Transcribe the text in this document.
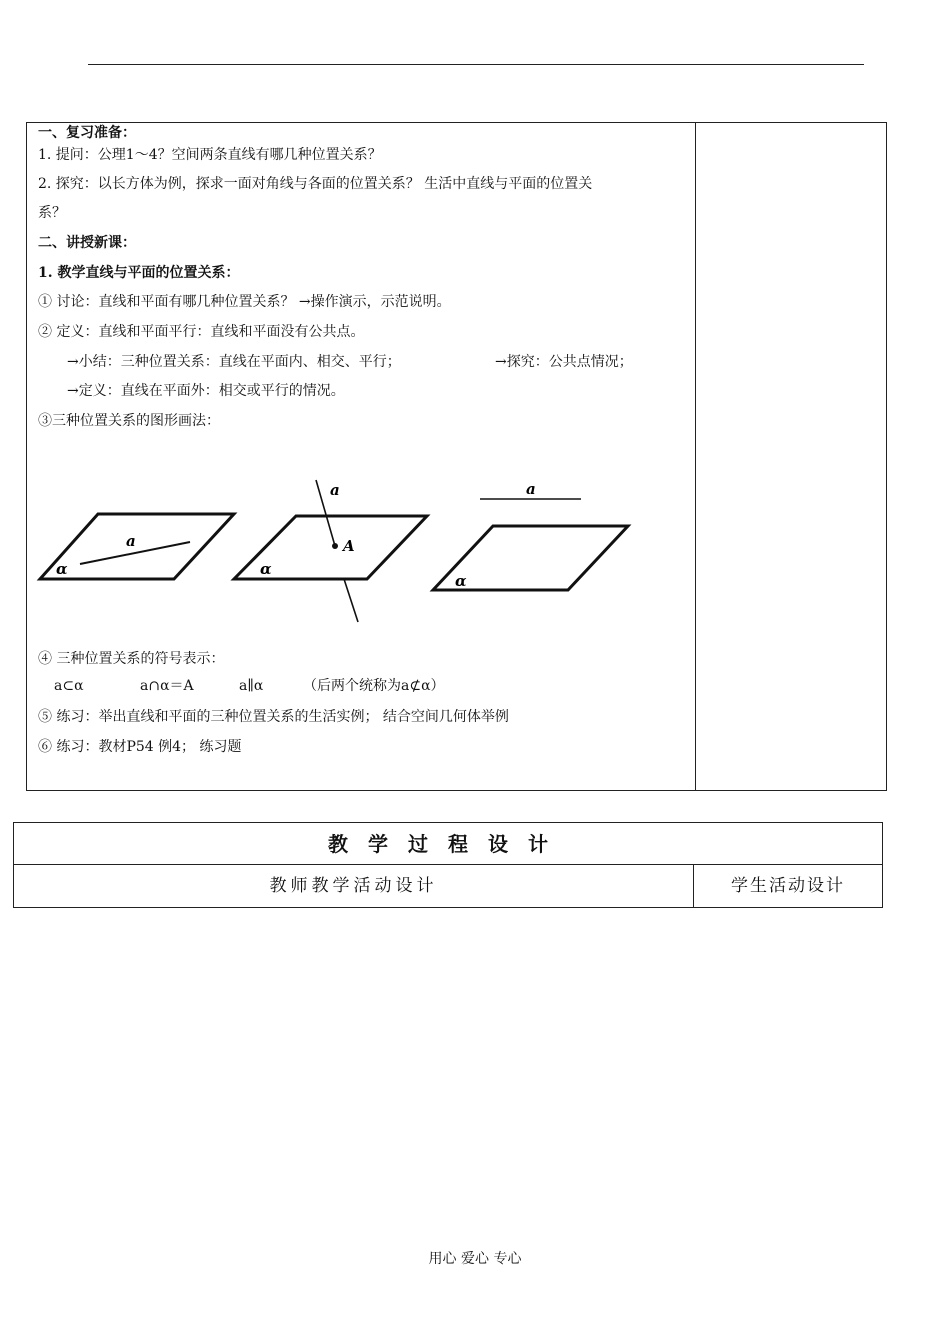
一、复习准备：
1. 提问：公理1～4？空间两条直线有哪几种位置关系？
2. 探究：以长方体为例，探求一面对角线与各面的位置关系？ 生活中直线与平面的位置关
系？
二、讲授新课：
1. 教学直线与平面的位置关系：
① 讨论：直线和平面有哪几种位置关系？ →操作演示，示范说明。
② 定义：直线和平面平行：直线和平面没有公共点。
→小结：三种位置关系：直线在平面内、相交、平行；	→探究：公共点情况；
→定义：直线在平面外：相交或平行的情况。
③三种位置关系的图形画法：
④ 三种位置关系的符号表示：
a⊂α	a∩α＝A	a∥α	（后两个统称为a⊄α）
⑤ 练习：举出直线和平面的三种位置关系的生活实例； 结合空间几何体举例
⑥ 练习：教材P54 例4； 练习题
a
α
a
A
α
a
α
教学过程设计
教师教学活动设计	学生活动设计
用心 爱心 专心
